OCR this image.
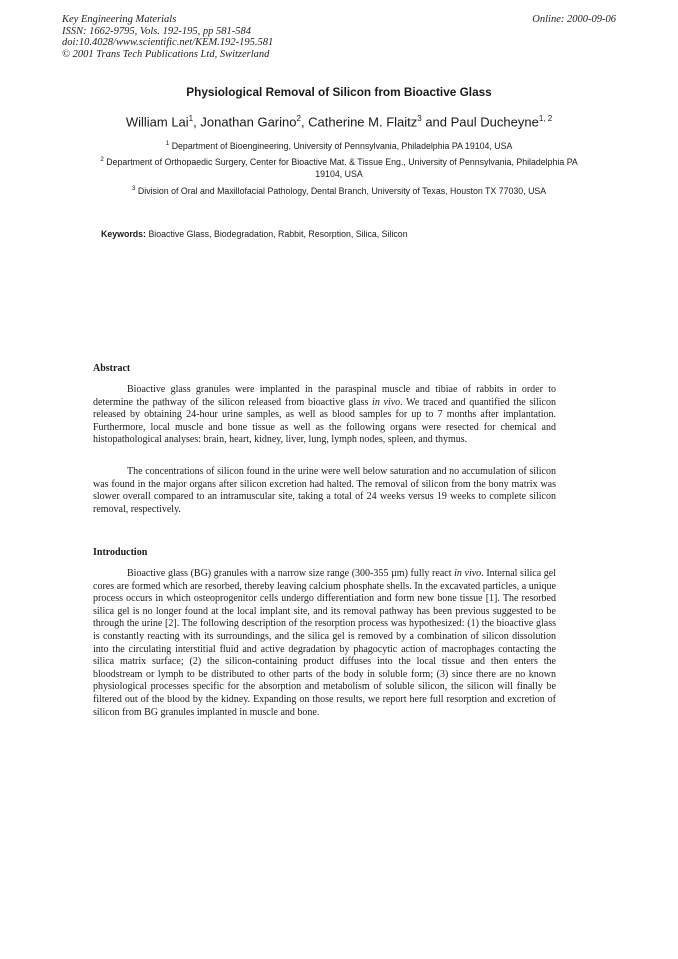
Key Engineering Materials
ISSN: 1662-9795, Vols. 192-195, pp 581-584
doi:10.4028/www.scientific.net/KEM.192-195.581
© 2001 Trans Tech Publications Ltd, Switzerland
Online: 2000-09-06
Physiological Removal of Silicon from Bioactive Glass
William Lai$^1$, Jonathan Garino$^2$, Catherine M. Flaitz$^3$ and Paul Ducheyne$^{1, 2}$
$^1$ Department of Bioengineering, University of Pennsylvania, Philadelphia PA 19104, USA
$^2$ Department of Orthopaedic Surgery, Center for Bioactive Mat. & Tissue Eng., University of Pennsylvania, Philadelphia PA 19104, USA
$^3$ Division of Oral and Maxillofacial Pathology, Dental Branch, University of Texas, Houston TX 77030, USA
Keywords: Bioactive Glass, Biodegradation, Rabbit, Resorption, Silica, Silicon
Abstract
Bioactive glass granules were implanted in the paraspinal muscle and tibiae of rabbits in order to determine the pathway of the silicon released from bioactive glass in vivo. We traced and quantified the silicon released by obtaining 24-hour urine samples, as well as blood samples for up to 7 months after implantation. Furthermore, local muscle and bone tissue as well as the following organs were resected for chemical and histopathological analyses: brain, heart, kidney, liver, lung, lymph nodes, spleen, and thymus.
The concentrations of silicon found in the urine were well below saturation and no accumulation of silicon was found in the major organs after silicon excretion had halted. The removal of silicon from the bony matrix was slower overall compared to an intramuscular site, taking a total of 24 weeks versus 19 weeks to complete silicon removal, respectively.
Introduction
Bioactive glass (BG) granules with a narrow size range (300-355 µm) fully react in vivo. Internal silica gel cores are formed which are resorbed, thereby leaving calcium phosphate shells. In the excavated particles, a unique process occurs in which osteoprogenitor cells undergo differentiation and form new bone tissue [1]. The resorbed silica gel is no longer found at the local implant site, and its removal pathway has been previous suggested to be through the urine [2]. The following description of the resorption process was hypothesized: (1) the bioactive glass is constantly reacting with its surroundings, and the silica gel is removed by a combination of silicon dissolution into the circulating interstitial fluid and active degradation by phagocytic action of macrophages contacting the silica matrix surface; (2) the silicon-containing product diffuses into the local tissue and then enters the bloodstream or lymph to be distributed to other parts of the body in soluble form; (3) since there are no known physiological processes specific for the absorption and metabolism of soluble silicon, the silicon will finally be filtered out of the blood by the kidney. Expanding on those results, we report here full resorption and excretion of silicon from BG granules implanted in muscle and bone.
